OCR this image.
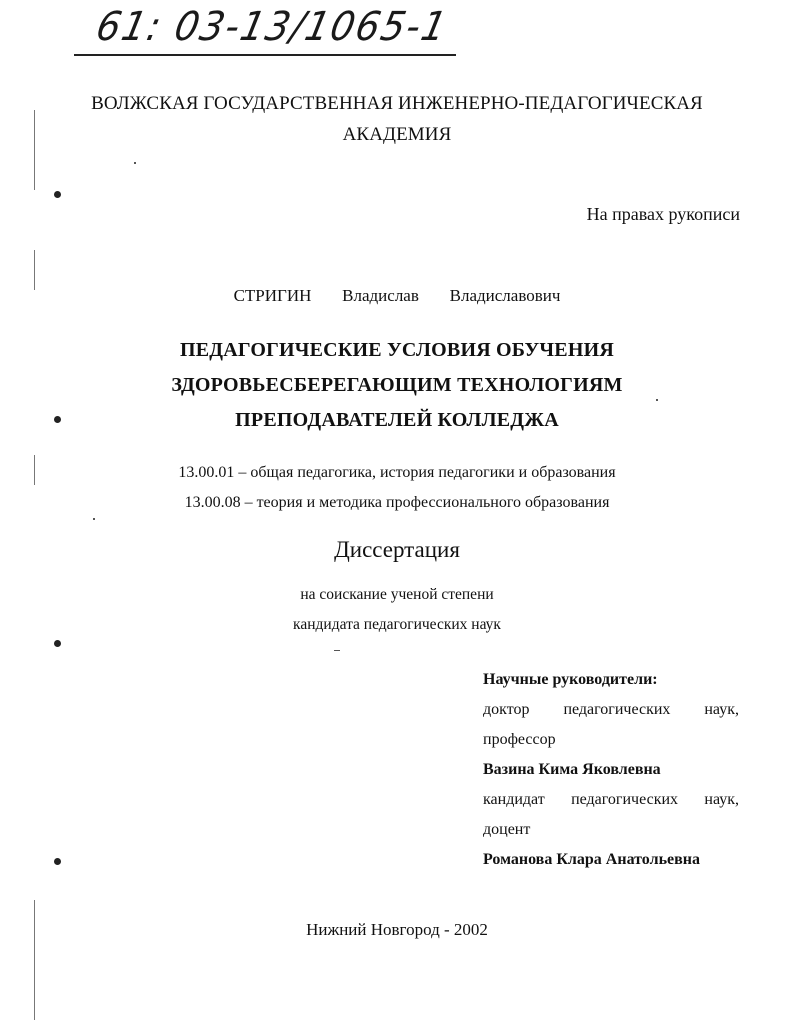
61: 03-13/1065-1
ВОЛЖСКАЯ ГОСУДАРСТВЕННАЯ ИНЖЕНЕРНО-ПЕДАГОГИЧЕСКАЯ
АКАДЕМИЯ
На правах рукописи
СТРИГИН   Владислав   Владиславович
ПЕДАГОГИЧЕСКИЕ УСЛОВИЯ ОБУЧЕНИЯ
ЗДОРОВЬЕСБЕРЕГАЮЩИМ ТЕХНОЛОГИЯМ
ПРЕПОДАВАТЕЛЕЙ КОЛЛЕДЖА
13.00.01 – общая педагогика, история педагогики и образования
13.00.08 – теория и методика профессионального образования
Диссертация
на соискание ученой степени
кандидата педагогических наук
Научные руководители:
доктор педагогических наук,
профессор
Вазина Кима Яковлевна
кандидат педагогических наук,
доцент
Романова Клара Анатольевна
Нижний Новгород - 2002
